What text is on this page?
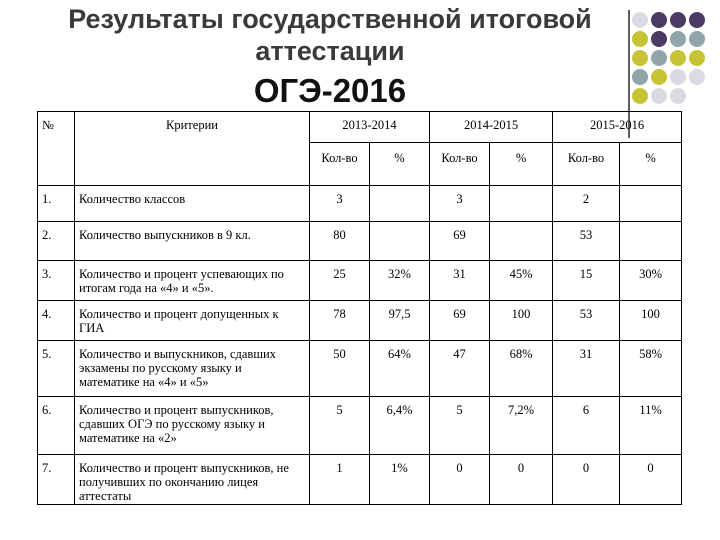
Результаты государственной итоговой
аттестации
ОГЭ-2016
№	Критерии	2013-2014		2014-2015		2015-2016	
		Кол-во	%	Кол-во	%	Кол-во	%
1.	Количество классов	3		3		2	
2.	Количество выпускников в 9 кл.	80		69		53	
3.	Количество и процент успевающих по итогам года на «4» и «5».	25	32%	31	45%	15	30%
4.	Количество и процент допущенных к ГИА	78	97,5	69	100	53	100
5.	Количество и выпускников, сдавших экзамены по русскому языку и математике на «4» и «5»	50	64%	47	68%	31	58%
6.	Количество и процент выпускников, сдавших ОГЭ по русскому языку и математике на «2»	5	6,4%	5	7,2%	6	11%
7.	Количество и процент выпускников, не получивших по окончанию лицея аттестаты	1	1%	0	0	0	0
